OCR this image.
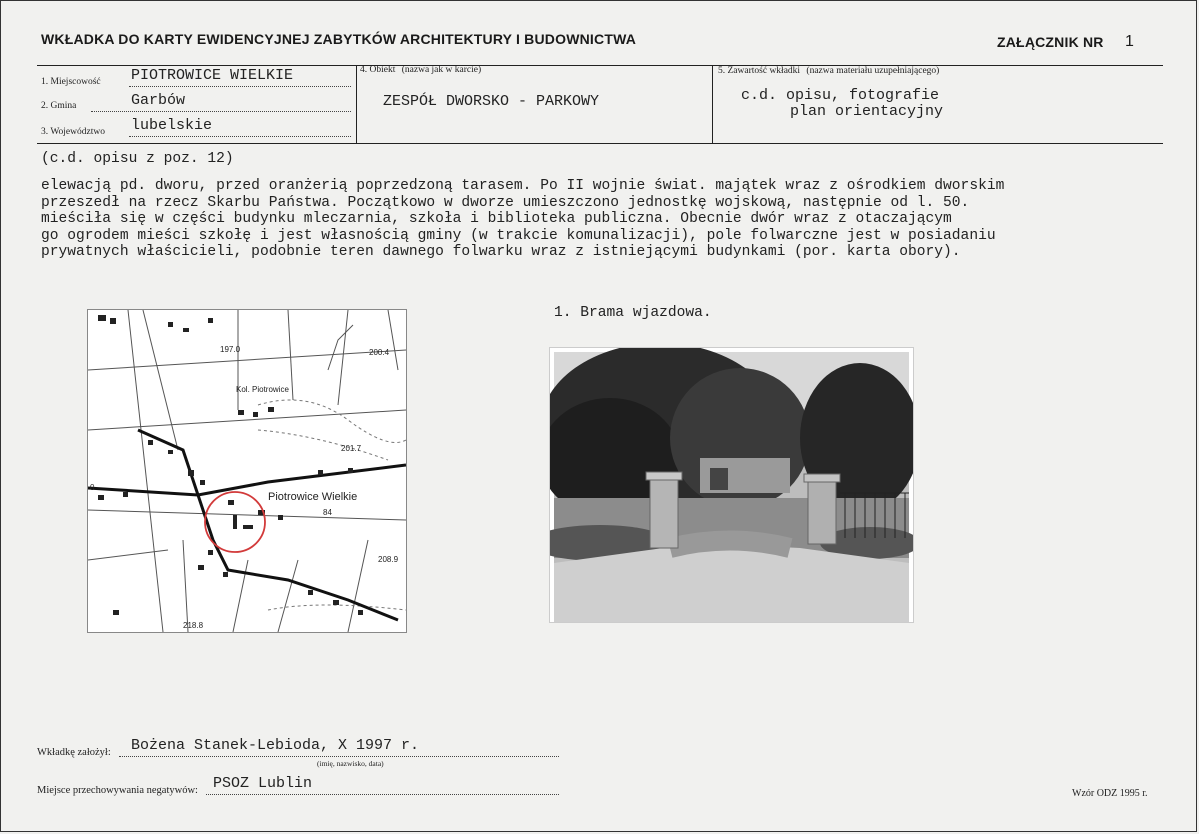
WKŁADKA DO KARTY EWIDENCYJNEJ ZABYTKÓW ARCHITEKTURY I BUDOWNICTWA	ZAŁĄCZNIK NR 1
1. Miejscowość PIOTROWICE WIELKIE
2. Gmina	Garbów
3. Województwo lubelskie
4. Obiekt (nazwa jak w karcie)
ZESPÓŁ DWORSKO - PARKOWY
5. Zawartość wkładki (nazwa materiału uzupełniającego)
c.d. opisu, fotografie
plan orientacyjny
(c.d. opisu z poz. 12)
elewacją pd. dworu, przed oranżerią poprzedzoną tarasem. Po II wojnie świat. majątek wraz z ośrodkiem dworskim
przeszedł na rzecz Skarbu Państwa. Początkowo w dworze umieszczono jednostkę wojskową, następnie od l. 50.
mieściła się w części budynku mleczarnia, szkoła i biblioteka publiczna. Obecnie dwór wraz z otaczającym
go ogrodem mieści szkołę i jest własnością gminy (w trakcie komunalizacji), pole folwarczne jest w posiadaniu
prywatnych właścicieli, podobnie teren dawnego folwarku wraz z istniejącymi budynkami (por. karta obory).
197.0	200.4
201.7
208.9
218.8
84
Kol. Piotrowice
Piotrowice Wielkie
0
1. Brama wjazdowa.
Wkładkę założył: Bożena Stanek-Lebioda, X 1997 r.
(imię, nazwisko, data)
Miejsce przechowywania negatywów: PSOZ Lublin
Wzór ODZ 1995 r.
